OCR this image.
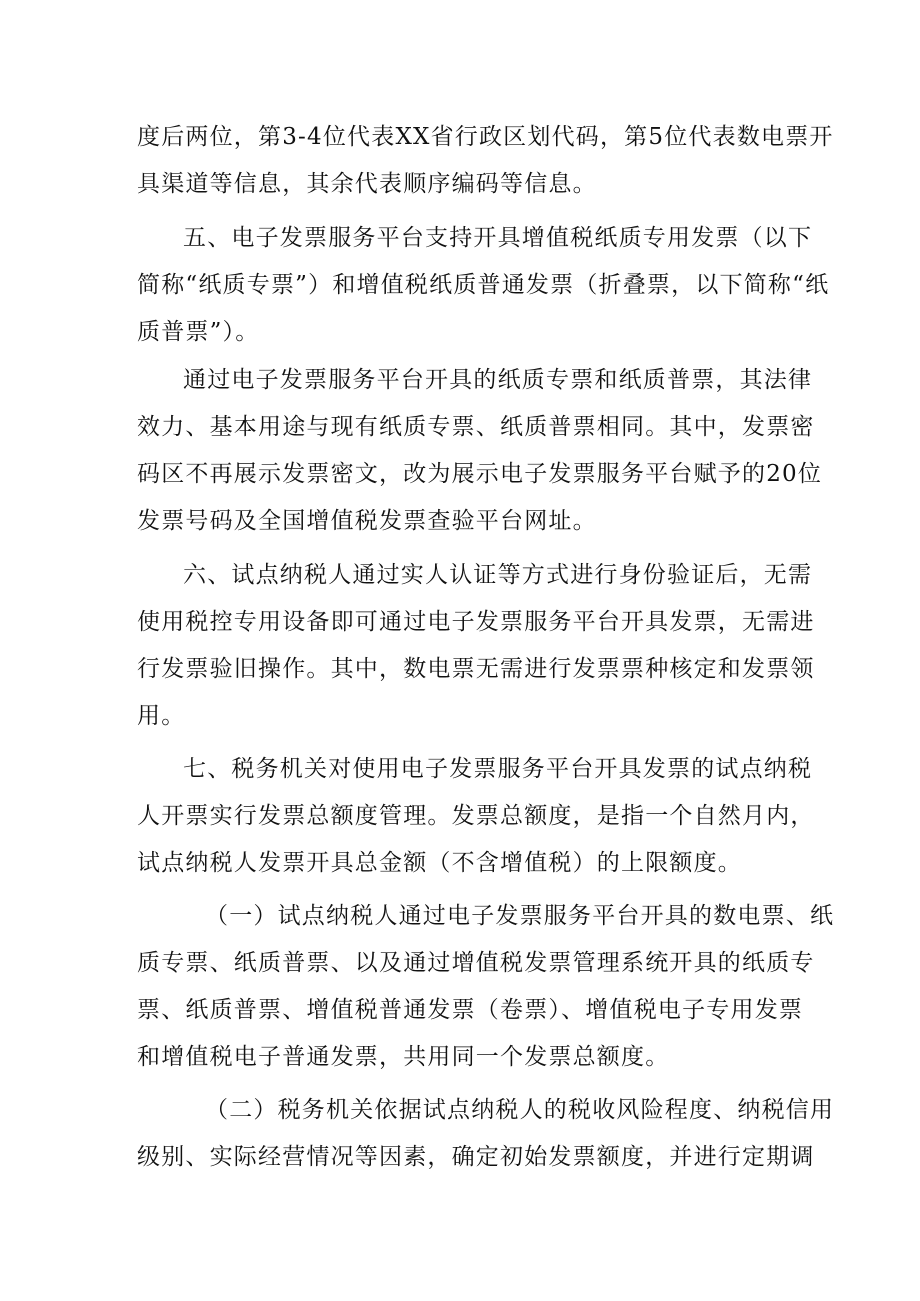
度后两位，第3-4位代表XX省行政区划代码，第5位代表数电票开
具渠道等信息，其余代表顺序编码等信息。
五、电子发票服务平台支持开具增值税纸质专用发票（以下
简称“纸质专票”）和增值税纸质普通发票（折叠票，以下简称“纸
质普票”）。
通过电子发票服务平台开具的纸质专票和纸质普票，其法律
效力、基本用途与现有纸质专票、纸质普票相同。其中，发票密
码区不再展示发票密文，改为展示电子发票服务平台赋予的20位
发票号码及全国增值税发票查验平台网址。
六、试点纳税人通过实人认证等方式进行身份验证后，无需
使用税控专用设备即可通过电子发票服务平台开具发票，无需进
行发票验旧操作。其中，数电票无需进行发票票种核定和发票领
用。
七、税务机关对使用电子发票服务平台开具发票的试点纳税
人开票实行发票总额度管理。发票总额度，是指一个自然月内，
试点纳税人发票开具总金额（不含增值税）的上限额度。
（一）试点纳税人通过电子发票服务平台开具的数电票、纸
质专票、纸质普票、以及通过增值税发票管理系统开具的纸质专
票、纸质普票、增值税普通发票（卷票）、增值税电子专用发票
和增值税电子普通发票，共用同一个发票总额度。
（二）税务机关依据试点纳税人的税收风险程度、纳税信用
级别、实际经营情况等因素，确定初始发票额度，并进行定期调
